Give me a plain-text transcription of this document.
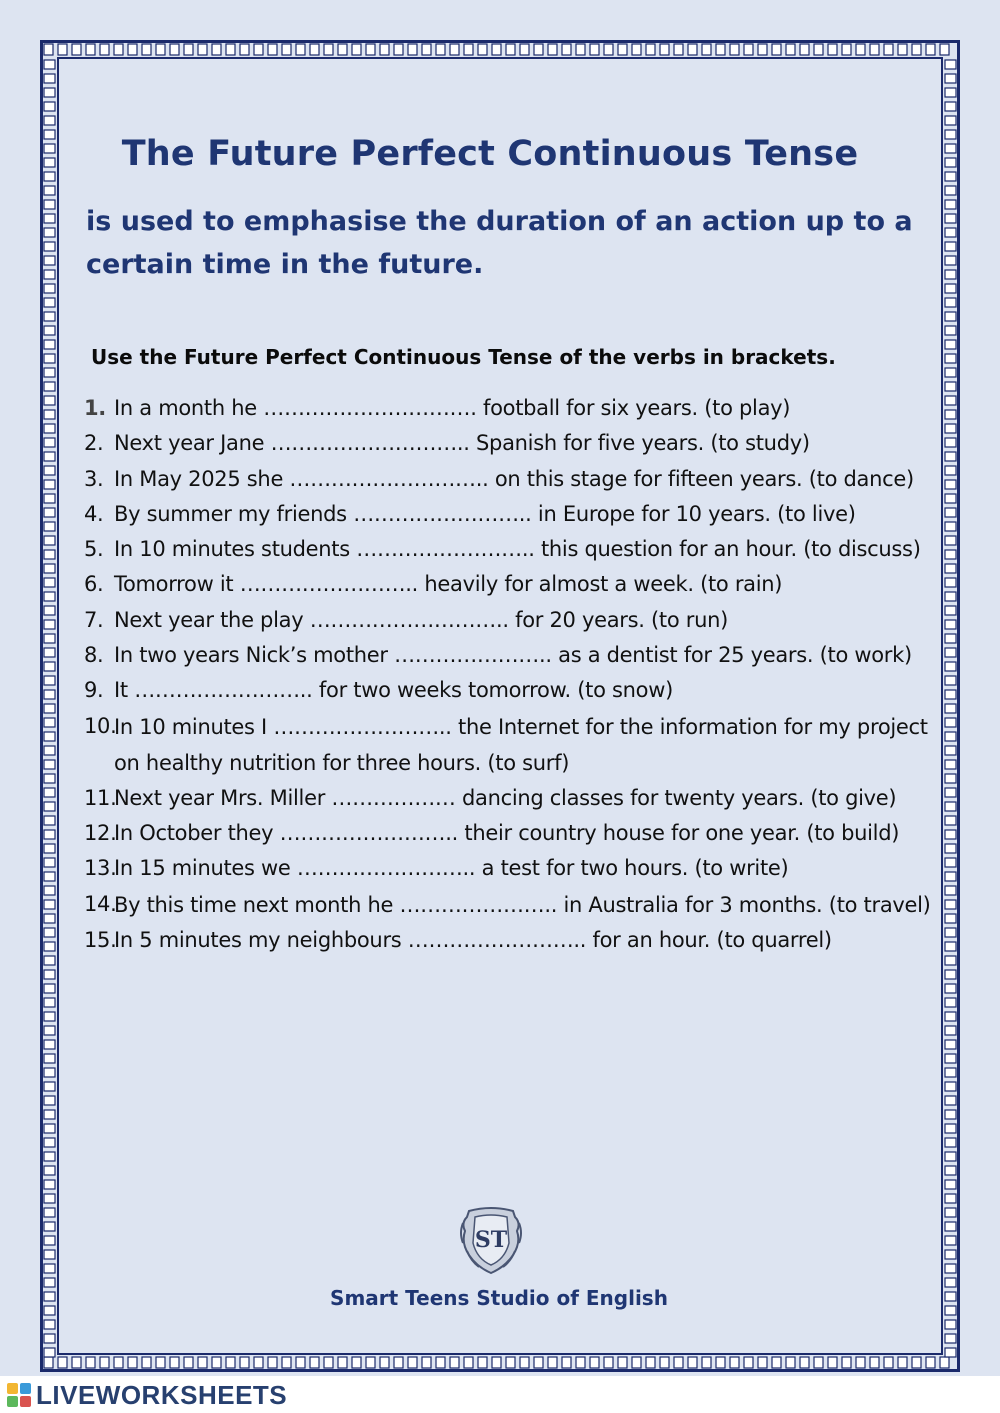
The Future Perfect Continuous Tense

is used to emphasise the duration of an action up to a certain time in the future.

Use the Future Perfect Continuous Tense of the verbs in brackets.

1. In a month he …………………………. football for six years. (to play)
2. Next year Jane ……………………….. Spanish for five years. (to study)
3. In May 2025 she ……………………….. on this stage for fifteen years. (to dance)
4. By summer my friends …………………….. in Europe for 10 years. (to live)
5. In 10 minutes students …………………….. this question for an hour. (to discuss)
6. Tomorrow it …………………….. heavily for almost a week. (to rain)
7. Next year the play ……………………….. for 20 years. (to run)
8. In two years Nick’s mother ………………….. as a dentist for 25 years. (to work)
9. It …………………….. for two weeks tomorrow. (to snow)
10.
In 10 minutes I …………………….. the Internet for the information for my project on healthy nutrition for three hours. (to surf)
11.
Next year Mrs. Miller ……………… dancing classes for twenty years. (to give)
12.
In October they …………………….. their country house for one year. (to build)
13.
In 15 minutes we …………………….. a test for two hours. (to write)
14.
By this time next month he ………………….. in Australia for 3 months. (to travel)
15.
In 5 minutes my neighbours …………………….. for an hour. (to quarrel)
ST

Smart Teens Studio of English

LIVEWORKSHEETS
